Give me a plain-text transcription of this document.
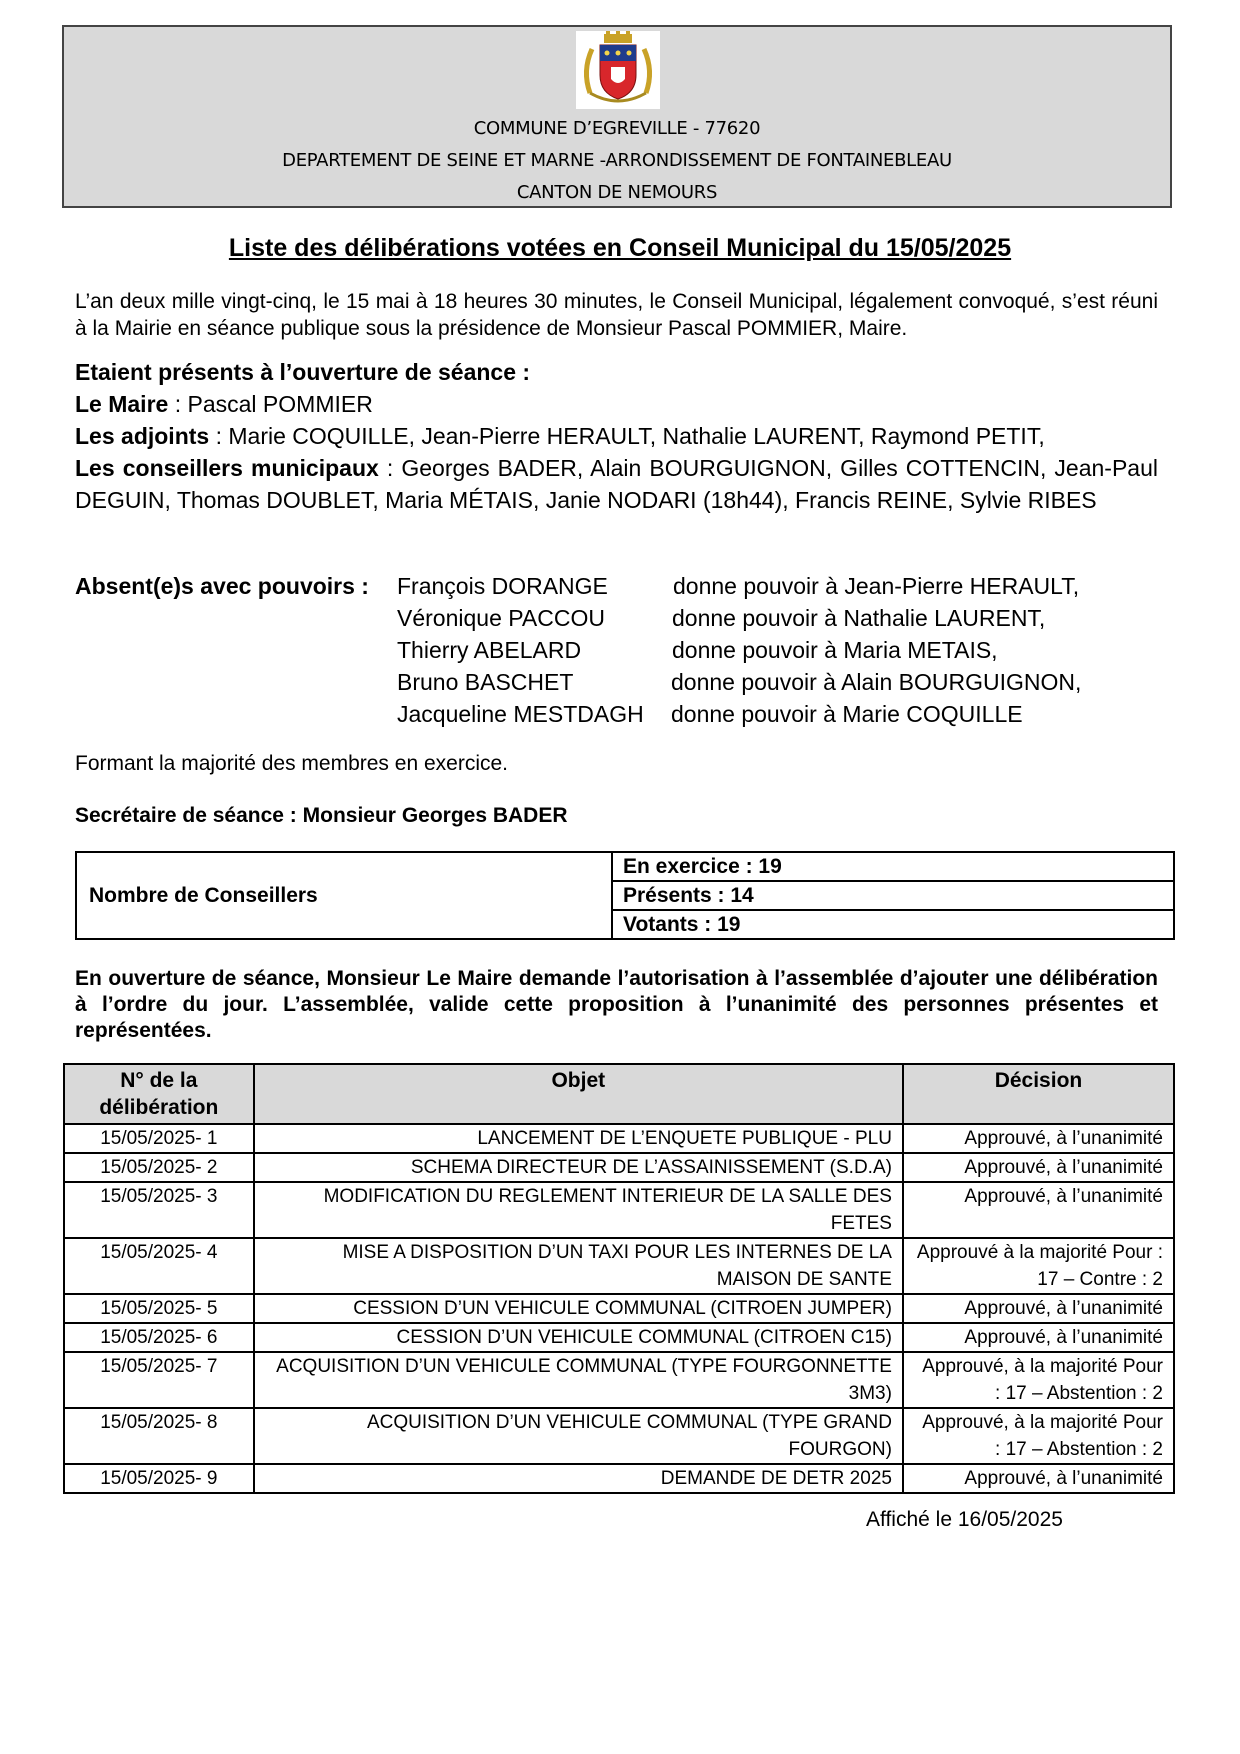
COMMUNE D’EGREVILLE - 77620
DEPARTEMENT DE SEINE ET MARNE -ARRONDISSEMENT DE FONTAINEBLEAU
CANTON DE NEMOURS
Liste des délibérations votées en Conseil Municipal du 15/05/2025
L’an deux mille vingt-cinq, le 15 mai à 18 heures 30 minutes, le Conseil Municipal, légalement convoqué, s’est réuni à la Mairie en séance publique sous la présidence de Monsieur Pascal POMMIER, Maire.

Etaient présents à l’ouverture de séance :

Le Maire : Pascal POMMIER

Les adjoints : Marie COQUILLE, Jean-Pierre HERAULT, Nathalie LAURENT, Raymond PETIT,

Les conseillers municipaux : Georges BADER, Alain BOURGUIGNON, Gilles COTTENCIN, Jean-Paul DEGUIN, Thomas DOUBLET, Maria MÉTAIS, Janie NODARI (18h44), Francis REINE, Sylvie RIBES

Absent(e)s avec pouvoirs : François DORANGE	donne pouvoir à Jean-Pierre HERAULT,
Véronique PACCOU	donne pouvoir à Nathalie LAURENT,
Thierry ABELARD	donne pouvoir à Maria METAIS,
Bruno BASCHET	donne pouvoir à Alain BOURGUIGNON,
Jacqueline MESTDAGH donne pouvoir à Marie COQUILLE
Formant la majorité des membres en exercice.
Secrétaire de séance : Monsieur Georges BADER
Nombre de Conseillers	En exercice : 19
Présents : 14
Votants : 19
En ouverture de séance, Monsieur Le Maire demande l’autorisation à l’assemblée d’ajouter une délibération à l’ordre du jour. L’assemblée, valide cette proposition à l’unanimité des personnes présentes et représentées.
N° de la délibération	Objet	Décision
15/05/2025- 1	LANCEMENT DE L’ENQUETE PUBLIQUE - PLU	Approuvé, à l’unanimité
15/05/2025- 2	SCHEMA DIRECTEUR DE L’ASSAINISSEMENT (S.D.A)	Approuvé, à l’unanimité
15/05/2025- 3	MODIFICATION DU REGLEMENT INTERIEUR DE LA SALLE DES FETES	Approuvé, à l’unanimité
15/05/2025- 4	MISE A DISPOSITION D’UN TAXI POUR LES INTERNES DE LA MAISON DE SANTE	Approuvé à la majorité Pour : 17 – Contre : 2
15/05/2025- 5	CESSION D’UN VEHICULE COMMUNAL (CITROEN JUMPER)	Approuvé, à l’unanimité
15/05/2025- 6	CESSION D’UN VEHICULE COMMUNAL (CITROEN C15)	Approuvé, à l’unanimité
15/05/2025- 7	ACQUISITION D’UN VEHICULE COMMUNAL (TYPE FOURGONNETTE 3M3)	Approuvé, à la majorité Pour : 17 – Abstention : 2
15/05/2025- 8	ACQUISITION D’UN VEHICULE COMMUNAL (TYPE GRAND FOURGON)	Approuvé, à la majorité Pour : 17 – Abstention : 2
15/05/2025- 9	DEMANDE DE DETR 2025	Approuvé, à l’unanimité
Affiché le 16/05/2025
